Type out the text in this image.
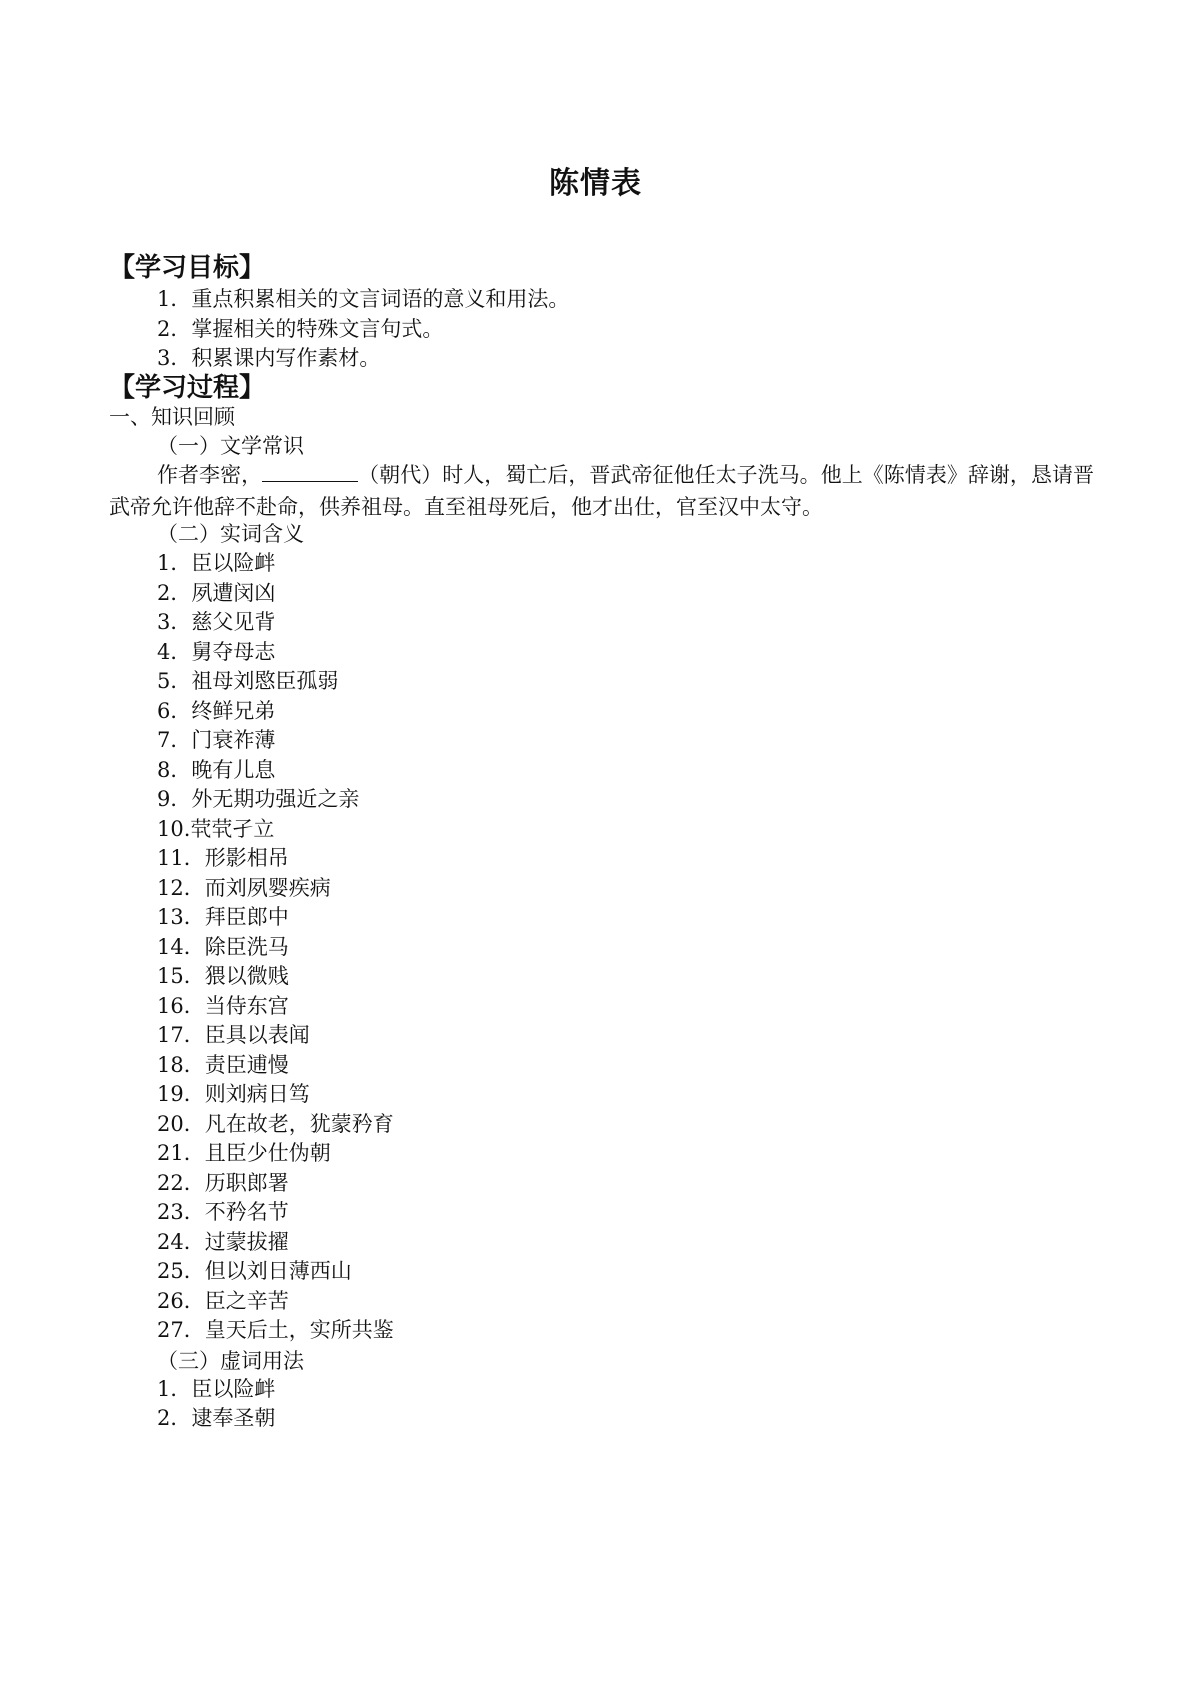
陈情表
【学习目标】
1．重点积累相关的文言词语的意义和用法。
2．掌握相关的特殊文言句式。
3．积累课内写作素材。
【学习过程】
一、知识回顾
（一）文学常识
作者李密，	（朝代）时人，蜀亡后，晋武帝征他任太子洗马。他上《陈情表》辞谢，恳请晋武帝允许他辞不赴命，供养祖母。直至祖母死后，他才出仕，官至汉中太守。
（二）实词含义
1．臣以险衅
2．夙遭闵凶
3．慈父见背
4．舅夺母志
5．祖母刘愍臣孤弱
6．终鲜兄弟
7．门衰祚薄
8．晚有儿息
9．外无期功强近之亲
10.茕茕孑立
11．形影相吊
12．而刘夙婴疾病
13．拜臣郎中
14．除臣洗马
15．猥以微贱
16．当侍东宫
17．臣具以表闻
18．责臣逋慢
19．则刘病日笃
20．凡在故老，犹蒙矜育
21．且臣少仕伪朝
22．历职郎署
23．不矜名节
24．过蒙拔擢
25．但以刘日薄西山
26．臣之辛苦
27．皇天后土，实所共鉴
（三）虚词用法
1．臣以险衅
2．逮奉圣朝
